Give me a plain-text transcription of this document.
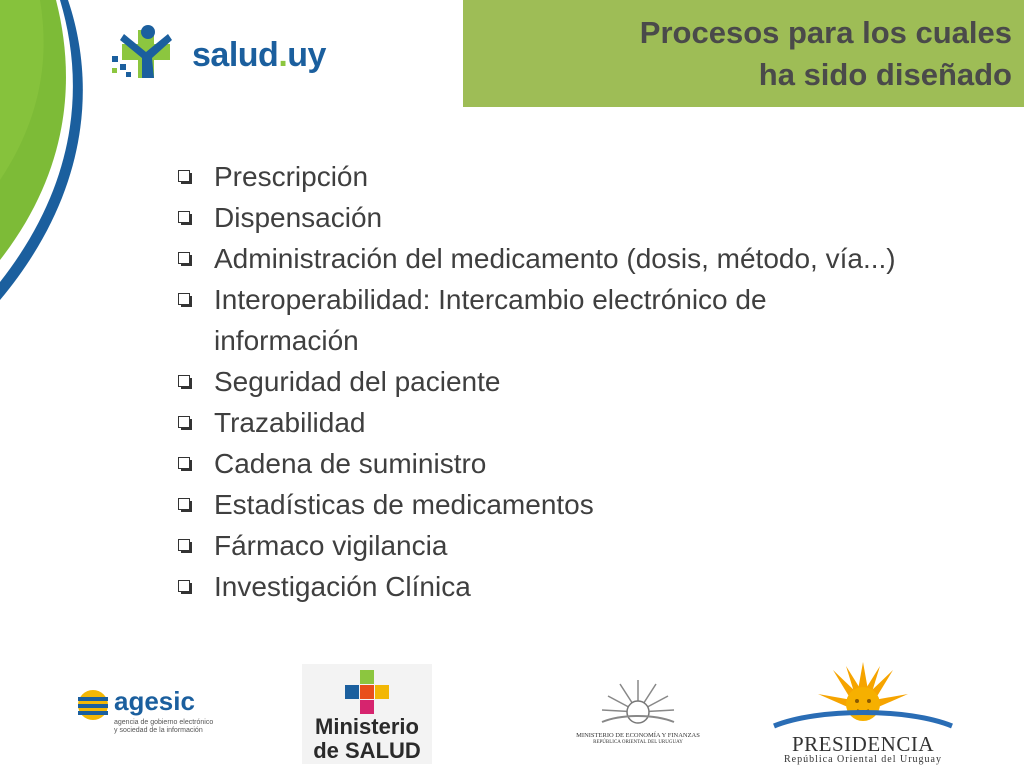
salud.uy
Procesos para los cuales
ha sido diseñado
Prescripción
Dispensación
Administración del medicamento (dosis, método, vía...)
Interoperabilidad: Intercambio electrónico de
información
Seguridad del paciente
Trazabilidad
Cadena de suministro
Estadísticas de medicamentos
Fármaco vigilancia
Investigación Clínica
agesic
agencia de gobierno electrónico
y sociedad de la información	Ministerio
de SALUD
MINISTERIO DE ECONOMÍA Y FINANZAS
REPÚBLICA ORIENTAL DEL URUGUAY	PRESIDENCIA
República Oriental del Uruguay
